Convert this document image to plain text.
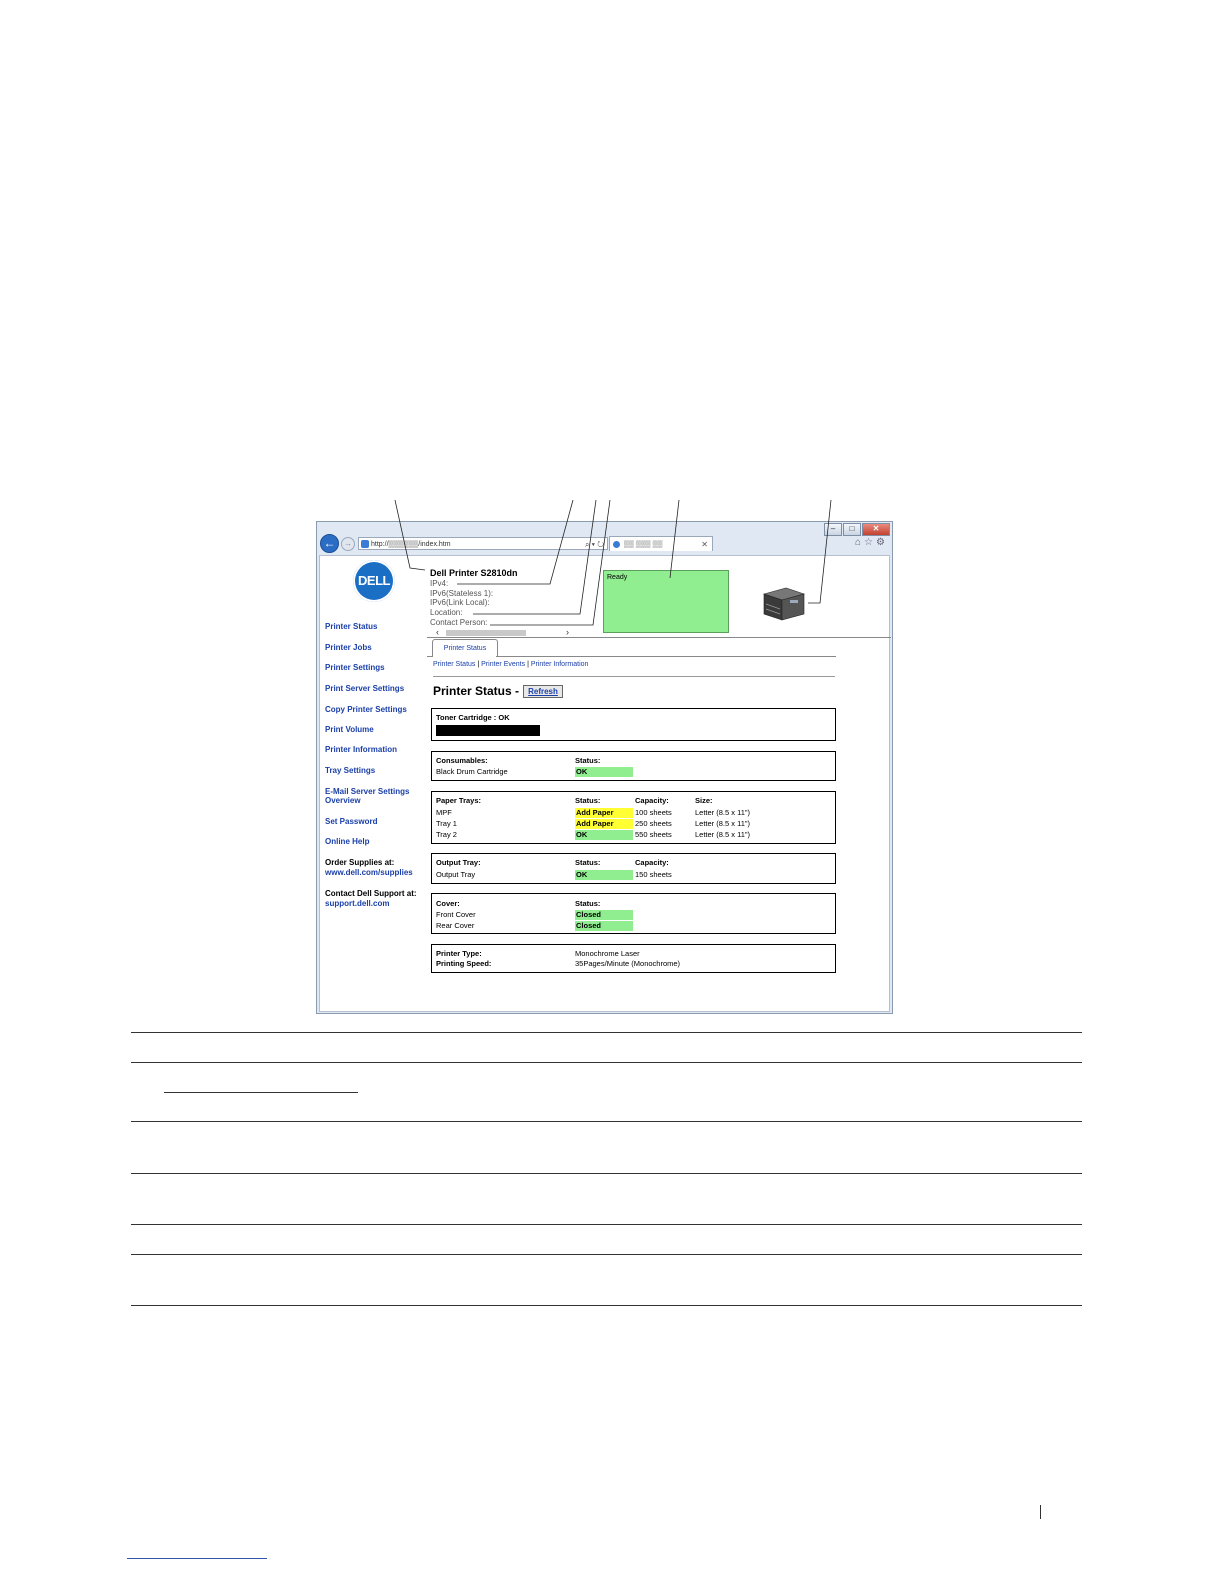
–	□	✕
←	→	http://▒▒▒▒▒▒/index.htm	⌕ ▾ ↻	▒▒ ▒▒▒ ▒▒	✕	⌂☆⚙
DELL
Printer Status
Printer Jobs
Printer Settings
Print Server Settings
Copy Printer Settings
Print Volume
Printer Information
Tray Settings
E-Mail Server Settings
Overview
Set Password
Online Help
Order Supplies at:
www.dell.com/supplies
Contact Dell Support at:
support.dell.com
Dell Printer S2810dn
IPv4:
IPv6(Stateless 1):
IPv6(Link Local):
Location:
Contact Person:
‹	›
Ready
Printer Status
Printer Status | Printer Events | Printer Information
Printer Status -	Refresh
Toner Cartridge : OK
Consumables:	Status:
Black Drum Cartridge	OK
Paper Trays:	Status:	Capacity:	Size:
MPF	Add Paper	100 sheets	Letter (8.5 x 11")
Tray 1	Add Paper	250 sheets	Letter (8.5 x 11")
Tray 2	OK	550 sheets	Letter (8.5 x 11")
Output Tray:	Status:	Capacity:
Output Tray	OK	150 sheets
Cover:	Status:
Front Cover	Closed
Rear Cover	Closed
Printer Type:	Monochrome Laser
Printing Speed:	35Pages/Minute (Monochrome)
